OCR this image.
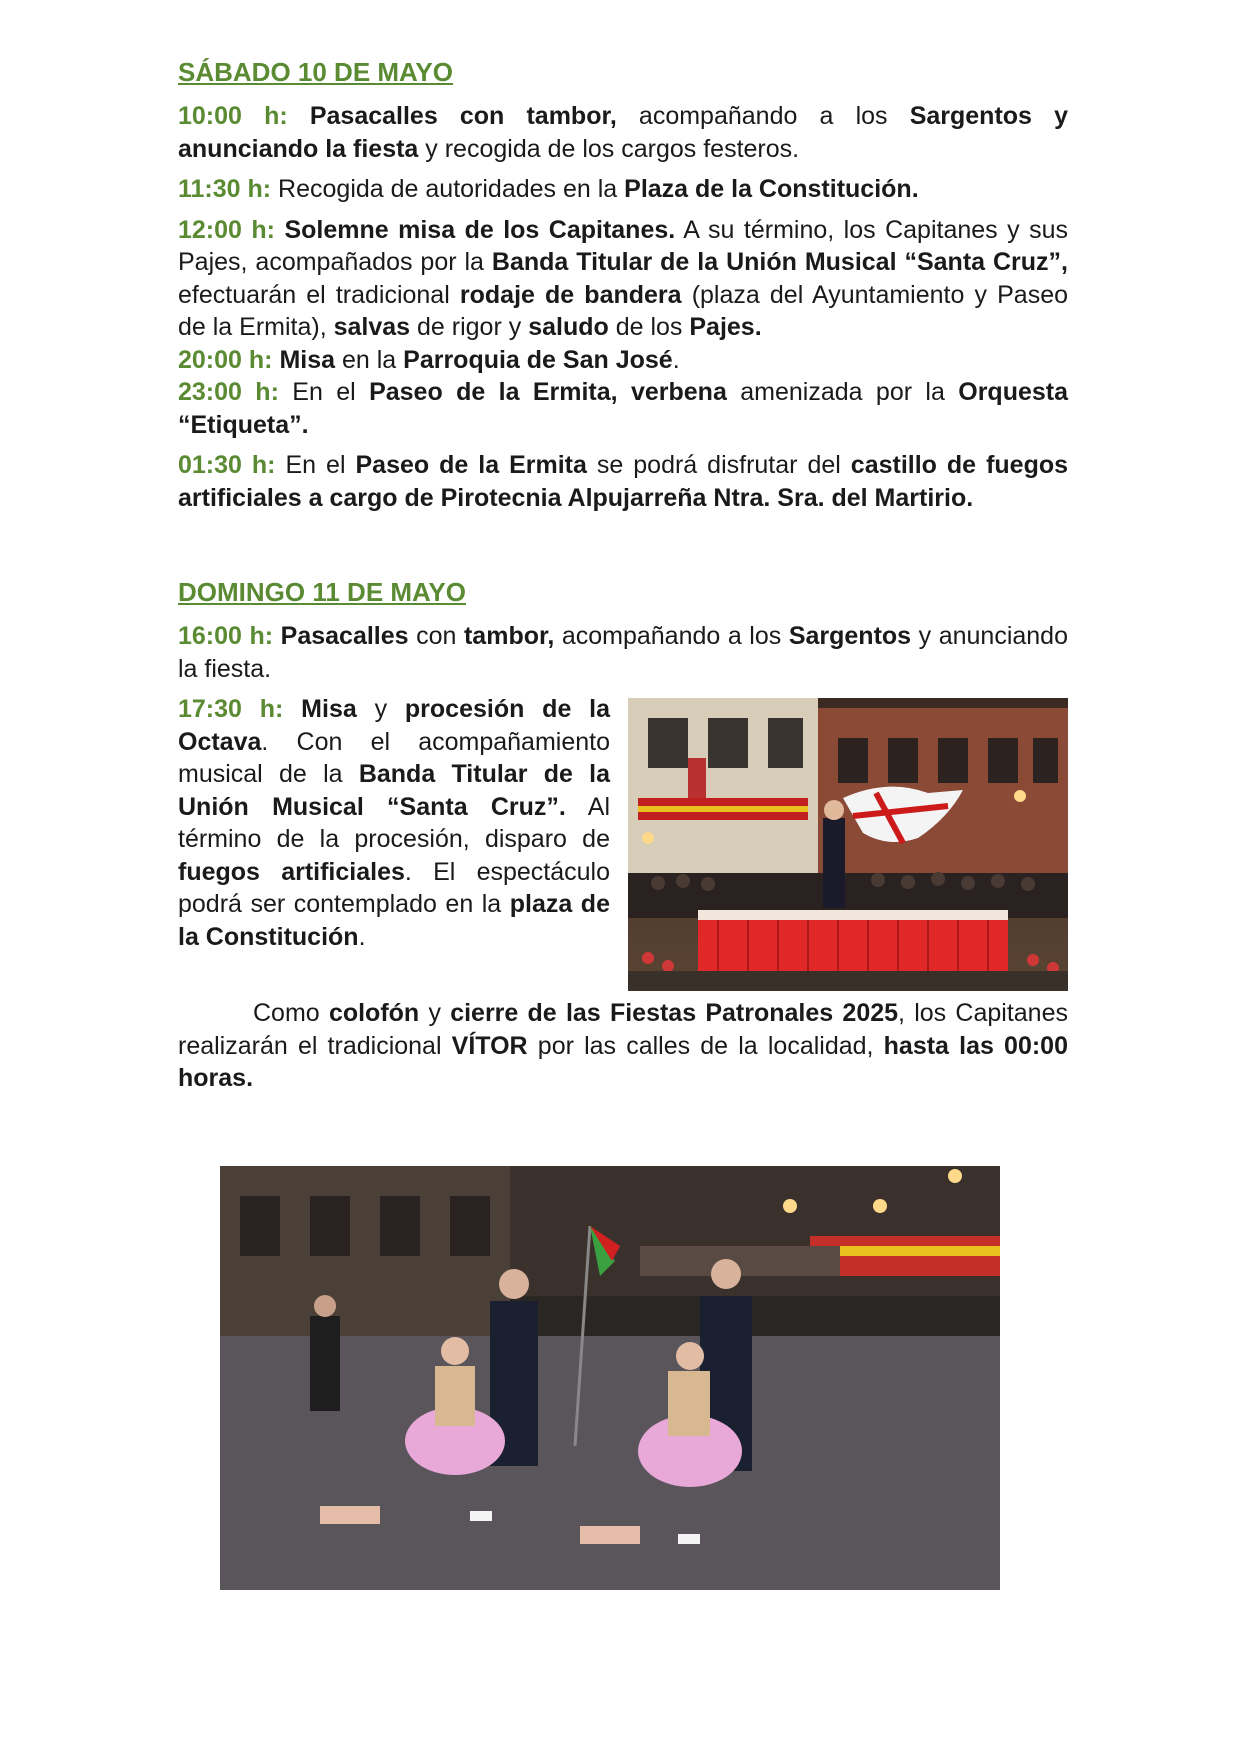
SÁBADO 10 DE MAYO

10:00 h: Pasacalles con tambor, acompañando a los Sargentos y anunciando la fiesta y recogida de los cargos festeros.

11:30 h: Recogida de autoridades en la Plaza de la Constitución.

12:00 h: Solemne misa de los Capitanes. A su término, los Capitanes y sus Pajes, acompañados por la Banda Titular de la Unión Musical “Santa Cruz”, efectuarán el tradicional rodaje de bandera (plaza del Ayuntamiento y Paseo de la Ermita), salvas de rigor y saludo de los Pajes.

20:00 h: Misa en la Parroquia de San José.

23:00 h: En el Paseo de la Ermita, verbena amenizada por la Orquesta “Etiqueta”.

01:30 h: En el Paseo de la Ermita se podrá disfrutar del castillo de fuegos artificiales a cargo de Pirotecnia Alpujarreña Ntra. Sra. del Martirio.

DOMINGO 11 DE MAYO

16:00 h: Pasacalles con tambor, acompañando a los Sargentos y anunciando la fiesta.

17:30 h: Misa y procesión de la Octava. Con el acompañamiento musical de la Banda Titular de la Unión Musical “Santa Cruz”. Al término de la procesión, disparo de fuegos artificiales. El espectáculo podrá ser contemplado en la plaza de la Constitución.

Como colofón y cierre de las Fiestas Patronales 2025, los Capitanes realizarán el tradicional VÍTOR por las calles de la localidad, hasta las 00:00 horas.
